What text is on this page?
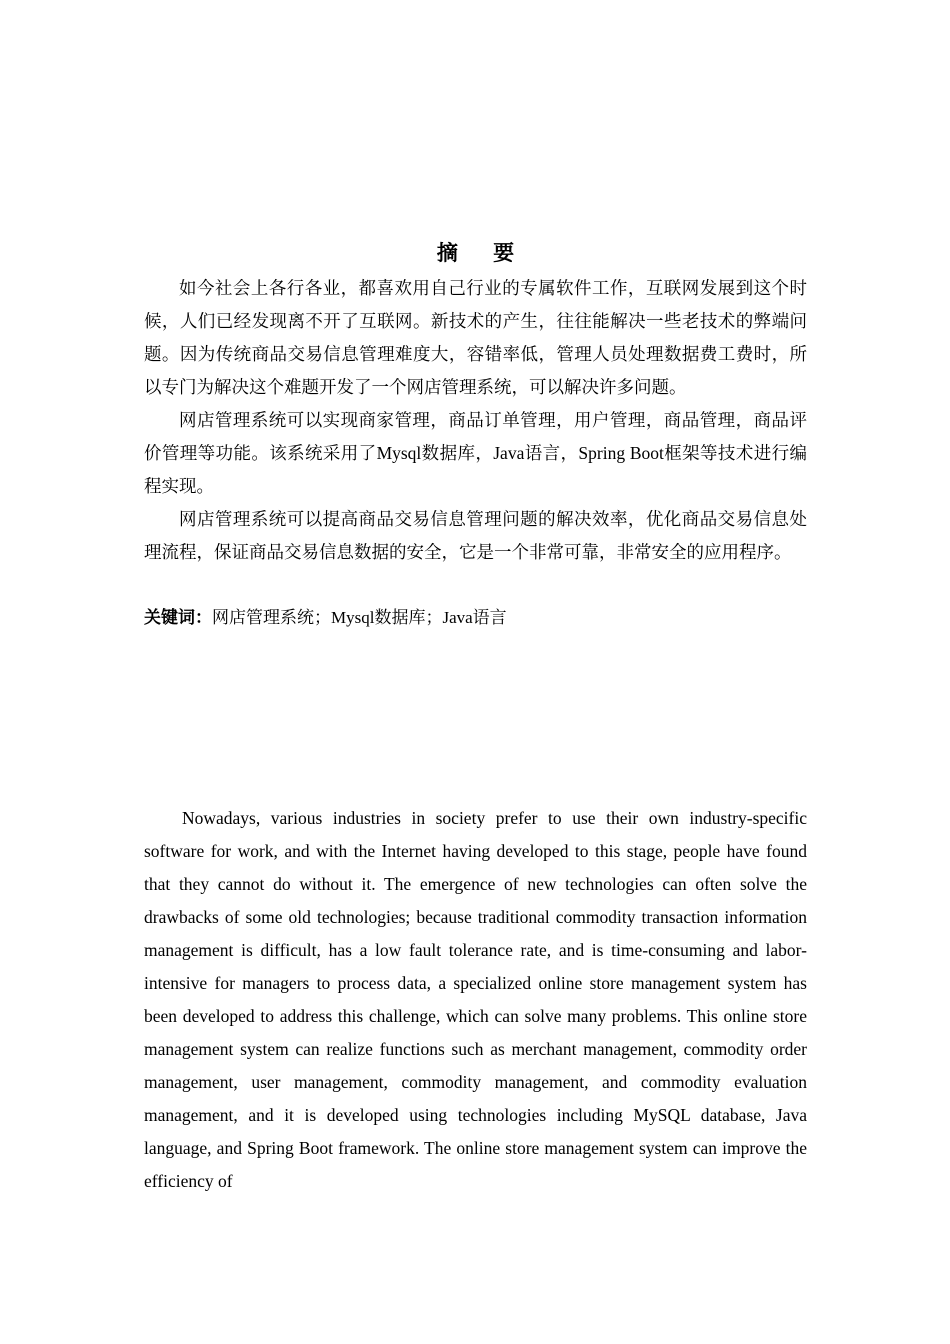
摘 要

如今社会上各行各业，都喜欢用自己行业的专属软件工作，互联网发展到这个时候，人们已经发现离不开了互联网。新技术的产生，往往能解决一些老技术的弊端问题。因为传统商品交易信息管理难度大，容错率低，管理人员处理数据费工费时，所以专门为解决这个难题开发了一个网店管理系统，可以解决许多问题。

网店管理系统可以实现商家管理，商品订单管理，用户管理，商品管理，商品评价管理等功能。该系统采用了Mysql数据库，Java语言，Spring Boot框架等技术进行编程实现。

网店管理系统可以提高商品交易信息管理问题的解决效率，优化商品交易信息处理流程，保证商品交易信息数据的安全，它是一个非常可靠，非常安全的应用程序。

关键词：网店管理系统；Mysql数据库；Java语言

Nowadays, various industries in society prefer to use their own industry-specific software for work, and with the Internet having developed to this stage, people have found that they cannot do without it. The emergence of new technologies can often solve the drawbacks of some old technologies; because traditional commodity transaction information management is difficult, has a low fault tolerance rate, and is time-consuming and labor-intensive for managers to process data, a specialized online store management system has been developed to address this challenge, which can solve many problems. This online store management system can realize functions such as merchant management, commodity order management, user management, commodity management, and commodity evaluation management, and it is developed using technologies including MySQL database, Java language, and Spring Boot framework. The online store management system can improve the efficiency of
